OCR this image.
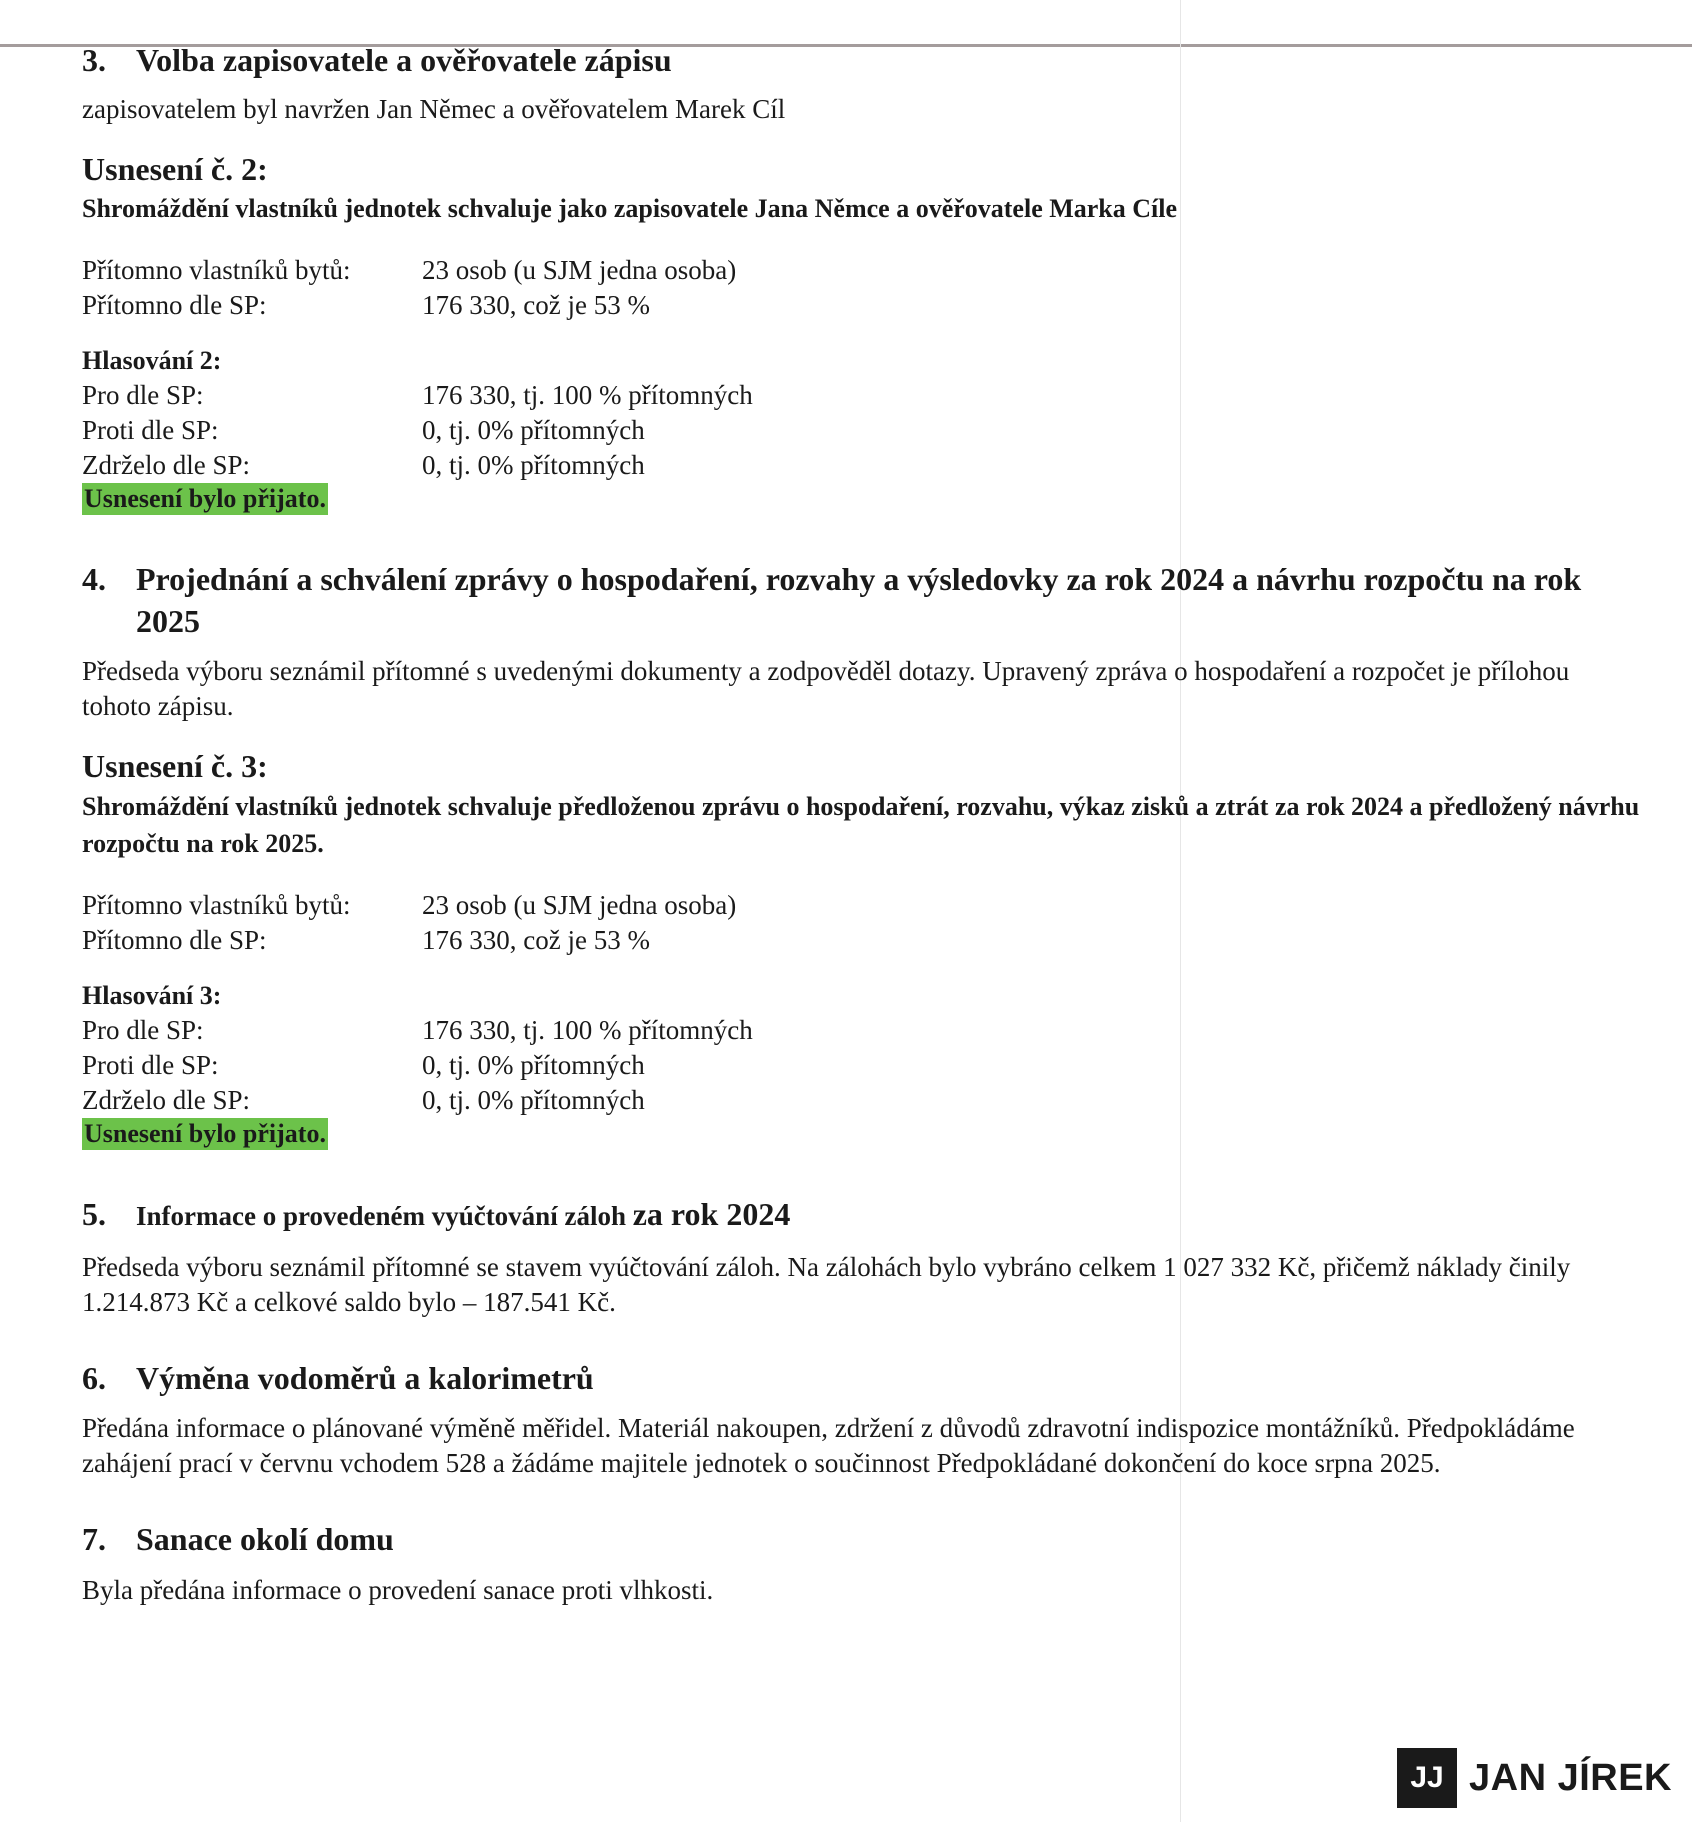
3. Volba zapisovatele a ověřovatele zápisu

zapisovatelem byl navržen Jan Němec a ověřovatelem Marek Cíl

Usnesení č. 2:

Shromáždění vlastníků jednotek schvaluje jako zapisovatele Jana Němce a ověřovatele Marka Cíle

Přítomno vlastníků bytů:	23 osob (u SJM jedna osoba)
Přítomno dle SP:	176 330, což je 53 %
Hlasování 2:
Pro dle SP:	176 330, tj. 100 % přítomných
Proti dle SP:	0, tj. 0% přítomných
Zdrželo dle SP:	0, tj. 0% přítomných
Usnesení bylo přijato.
4. Projednání a schválení zprávy o hospodaření, rozvahy a výsledovky za rok 2024 a návrhu rozpočtu na rok 2025

Předseda výboru seznámil přítomné s uvedenými dokumenty a zodpověděl dotazy. Upravený zpráva o hospodaření a rozpočet je přílohou tohoto zápisu.

Usnesení č. 3:

Shromáždění vlastníků jednotek schvaluje předloženou zprávu o hospodaření, rozvahu, výkaz zisků a ztrát za rok 2024 a předložený návrhu rozpočtu na rok 2025.

Přítomno vlastníků bytů:	23 osob (u SJM jedna osoba)
Přítomno dle SP:	176 330, což je 53 %
Hlasování 3:
Pro dle SP:	176 330, tj. 100 % přítomných
Proti dle SP:	0, tj. 0% přítomných
Zdrželo dle SP:	0, tj. 0% přítomných
Usnesení bylo přijato.
5.	Informace o provedeném vyúčtování záloh za rok 2024

Předseda výboru seznámil přítomné se stavem vyúčtování záloh. Na zálohách bylo vybráno celkem 1 027 332 Kč, přičemž náklady činily 1.214.873 Kč a celkové saldo bylo – 187.541 Kč.

6. Výměna vodoměrů a kalorimetrů

Předána informace o plánované výměně měřidel. Materiál nakoupen, zdržení z důvodů zdravotní indispozice montážníků. Předpokládáme zahájení prací v červnu vchodem 528 a žádáme majitele jednotek o součinnost Předpokládané dokončení do koce srpna 2025.

7. Sanace okolí domu

Byla předána informace o provedení sanace proti vlhkosti.

JJ JAN JÍREK
